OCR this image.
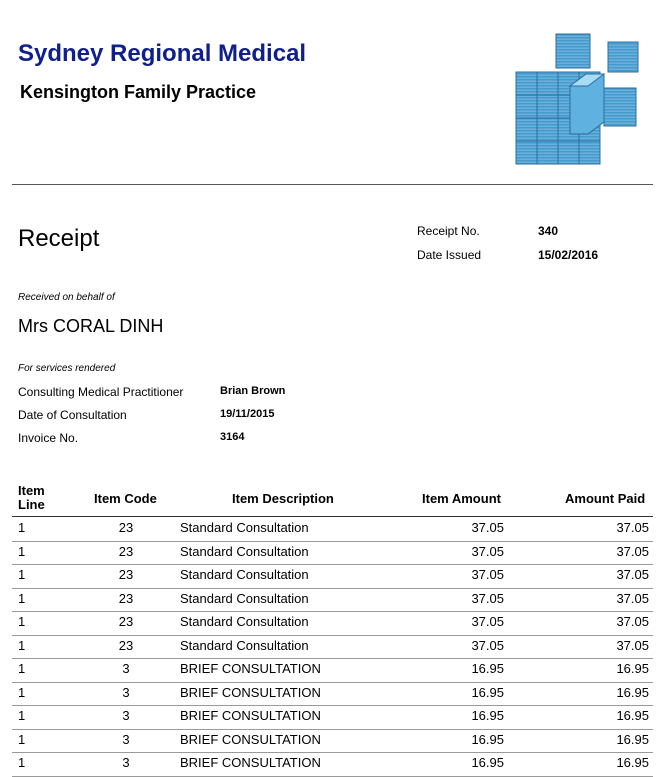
Sydney Regional Medical
Kensington Family Practice
Receipt	Receipt No.	340
Date Issued	15/02/2016
Received on behalf of
Mrs CORAL DINH
For services rendered
Consulting Medical Practitioner	Brian Brown
Date of Consultation	19/11/2015
Invoice No.	3164
Item
Line	Item Code	Item Description	Item Amount	Amount Paid
1	23	Standard Consultation	37.05	37.05
1	23	Standard Consultation	37.05	37.05
1	23	Standard Consultation	37.05	37.05
1	23	Standard Consultation	37.05	37.05
1	23	Standard Consultation	37.05	37.05
1	23	Standard Consultation	37.05	37.05
1	3	BRIEF CONSULTATION	16.95	16.95
1	3	BRIEF CONSULTATION	16.95	16.95
1	3	BRIEF CONSULTATION	16.95	16.95
1	3	BRIEF CONSULTATION	16.95	16.95
1	3	BRIEF CONSULTATION	16.95	16.95
